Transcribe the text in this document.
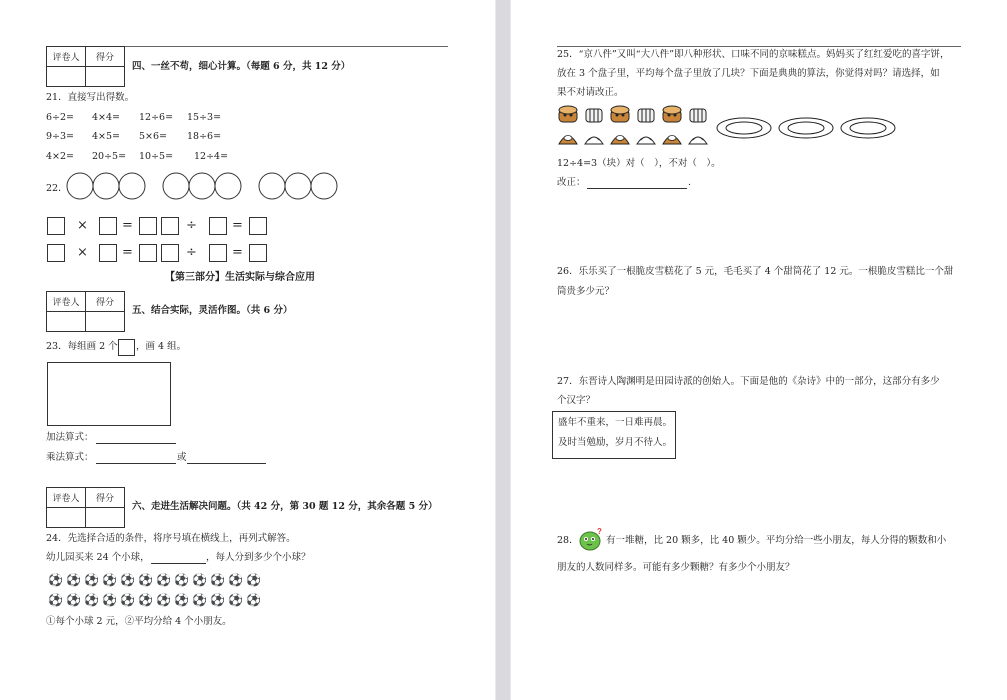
评卷人	得分

四、一丝不苟，细心计算。（每题 6 分，共 12 分）
21．直接写出得数。
6÷2= 4×4= 12÷6= 15÷3=
9÷3= 4×5= 5×6= 18÷6=
4×2= 20÷5= 10÷5= 12÷4=
22．
×	=	÷	=
×	=	÷	=
【第三部分】生活实际与综合应用
评卷人	得分

五、结合实际，灵活作图。（共 6 分）
23．每组画 2 个 ，画 4 组。
加法算式：
乘法算式：	或
评卷人	得分

六、走进生活解决问题。（共 42 分，第 30 题 12 分，其余各题 5 分）
24．先选择合适的条件，将序号填在横线上，再列式解答。
幼儿园买来 24 个小球，	，每人分到多少个小球？
⚽ ⚽ ⚽ ⚽ ⚽ ⚽ ⚽ ⚽ ⚽ ⚽ ⚽ ⚽
⚽ ⚽ ⚽ ⚽ ⚽ ⚽ ⚽ ⚽ ⚽ ⚽ ⚽ ⚽
①每个小球 2 元，②平均分给 4 个小朋友。
25．“京八件”又叫“大八件”即八种形状、口味不同的京味糕点。妈妈买了红红爱吃的喜字饼，
放在 3 个盘子里，平均每个盘子里放了几块？下面是典典的算法，你觉得对吗？请选择，如
果不对请改正。
12÷4=3（块）对（　），不对（　）。
改正：	.
26．乐乐买了一根脆皮雪糕花了 5 元，毛毛买了 4 个甜筒花了 12 元。一根脆皮雪糕比一个甜
筒贵多少元？
27．东晋诗人陶渊明是田园诗派的创始人。下面是他的《杂诗》中的一部分，这部分有多少
个汉字？
盛年不重来，一日难再晨。
及时当勉励，岁月不待人。
28．
?
有一堆糖，比 20 颗多，比 40 颗少。平均分给一些小朋友，每人分得的颗数和小
朋友的人数同样多。可能有多少颗糖？有多少个小朋友？
